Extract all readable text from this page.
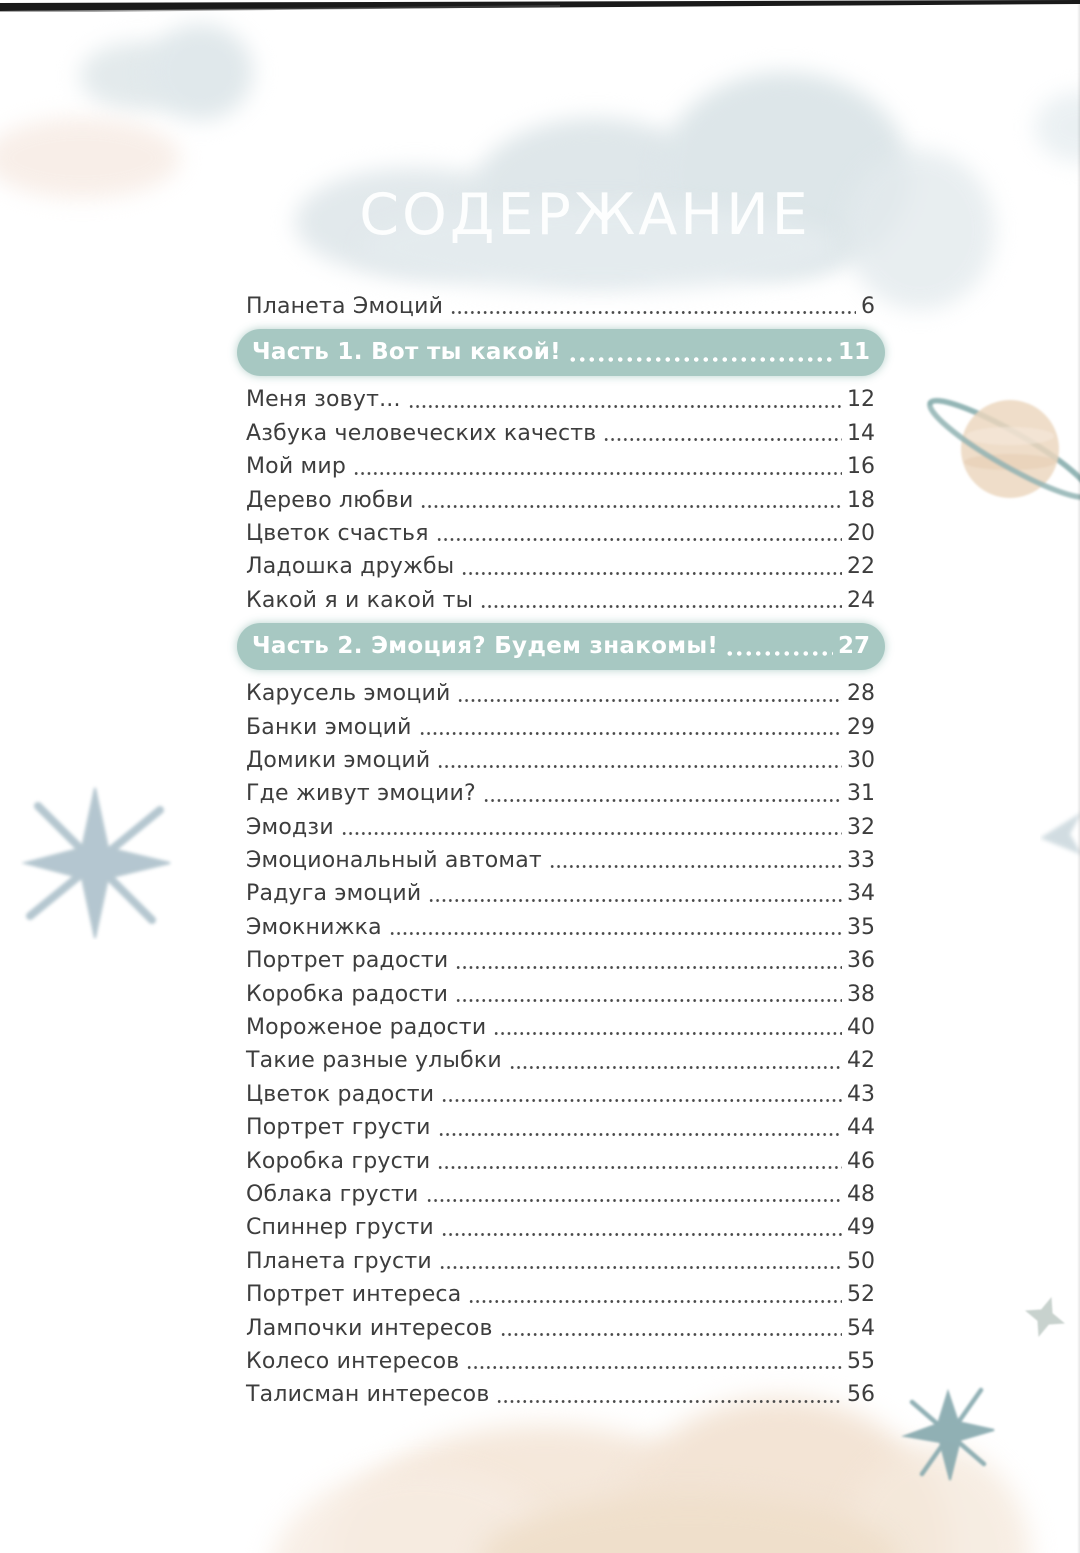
СОДЕРЖАНИЕ
Планета Эмоций	6
Часть 1. Вот ты какой!	11
Меня зовут...	12
Азбука человеческих качеств	14
Мой мир	16
Дерево любви	18
Цветок счастья	20
Ладошка дружбы	22
Какой я и какой ты	24
Часть 2. Эмоция? Будем знакомы!	27
Карусель эмоций	28
Банки эмоций	29
Домики эмоций	30
Где живут эмоции?	31
Эмодзи	32
Эмоциональный автомат	33
Радуга эмоций	34
Эмокнижка	35
Портрет радости	36
Коробка радости	38
Мороженое радости	40
Такие разные улыбки	42
Цветок радости	43
Портрет грусти	44
Коробка грусти	46
Облака грусти	48
Спиннер грусти	49
Планета грусти	50
Портрет интереса	52
Лампочки интересов	54
Колесо интересов	55
Талисман интересов	56
